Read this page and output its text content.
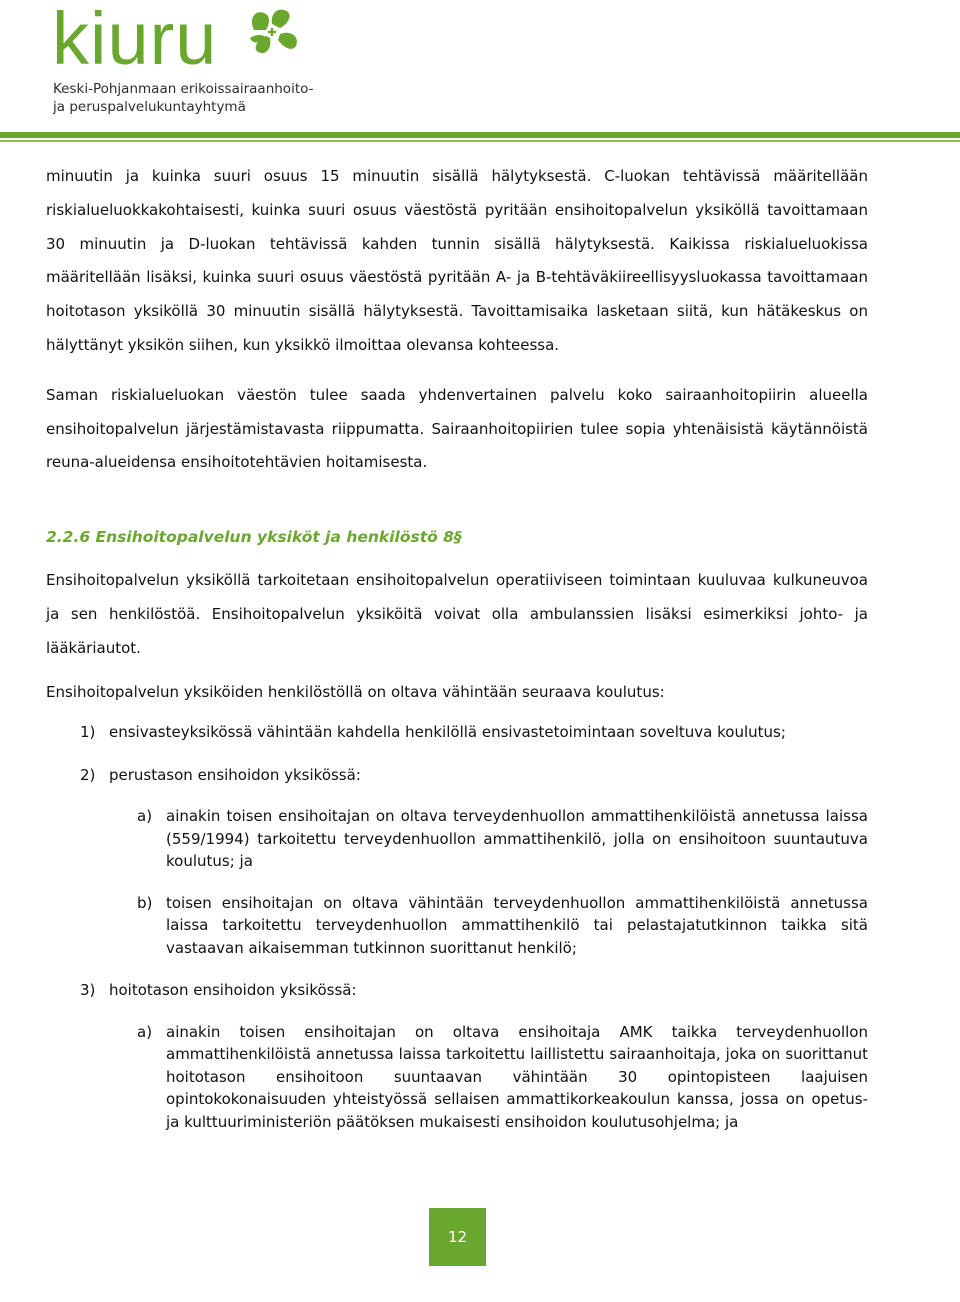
kiuru
Keski-Pohjanmaan erikoissairaanhoito-
ja peruspalvelukuntayhtymä

minuutin ja kuinka suuri osuus 15 minuutin sisällä hälytyksestä. C-luokan tehtävissä määritellään riskialueluokkakohtaisesti, kuinka suuri osuus väestöstä pyritään ensihoitopalvelun yksiköllä tavoittamaan 30 minuutin ja D-luokan tehtävissä kahden tunnin sisällä hälytyksestä. Kaikissa riskialueluokissa määritellään lisäksi, kuinka suuri osuus väestöstä pyritään A- ja B-tehtäväkiireellisyysluokassa tavoittamaan hoitotason yksiköllä 30 minuutin sisällä hälytyksestä. Tavoittamisaika lasketaan siitä, kun hätäkeskus on hälyttänyt yksikön siihen, kun yksikkö ilmoittaa olevansa kohteessa.

Saman riskialueluokan väestön tulee saada yhdenvertainen palvelu koko sairaanhoitopiirin alueella ensihoitopalvelun järjestämistavasta riippumatta. Sairaanhoitopiirien tulee sopia yhtenäisistä käytännöistä reuna-alueidensa ensihoitotehtävien hoitamisesta.

2.2.6 Ensihoitopalvelun yksiköt ja henkilöstö 8§

Ensihoitopalvelun yksiköllä tarkoitetaan ensihoitopalvelun operatiiviseen toimintaan kuuluvaa kulkuneuvoa ja sen henkilöstöä. Ensihoitopalvelun yksiköitä voivat olla ambulanssien lisäksi esimerkiksi johto- ja lääkäriautot.

Ensihoitopalvelun yksiköiden henkilöstöllä on oltava vähintään seuraava koulutus:

1) ensivasteyksikössä vähintään kahdella henkilöllä ensivastetoimintaan soveltuva koulutus;
2) perustason ensihoidon yksikössä:
a) ainakin toisen ensihoitajan on oltava terveydenhuollon ammattihenkilöistä annetussa laissa (559/1994) tarkoitettu terveydenhuollon ammattihenkilö, jolla on ensihoitoon suuntautuva koulutus; ja
b) toisen ensihoitajan on oltava vähintään terveydenhuollon ammattihenkilöistä annetussa laissa tarkoitettu terveydenhuollon ammattihenkilö tai pelastajatutkinnon taikka sitä vastaavan aikaisemman tutkinnon suorittanut henkilö;
3) hoitotason ensihoidon yksikössä:
a) ainakin toisen ensihoitajan on oltava ensihoitaja AMK taikka terveydenhuollon ammattihenkilöistä annetussa laissa tarkoitettu laillistettu sairaanhoitaja, joka on suorittanut hoitotason ensihoitoon suuntaavan vähintään 30 opintopisteen laajuisen opintokokonaisuuden yhteistyössä sellaisen ammattikorkeakoulun kanssa, jossa on opetus- ja kulttuuriministeriön päätöksen mukaisesti ensihoidon koulutusohjelma; ja
12
